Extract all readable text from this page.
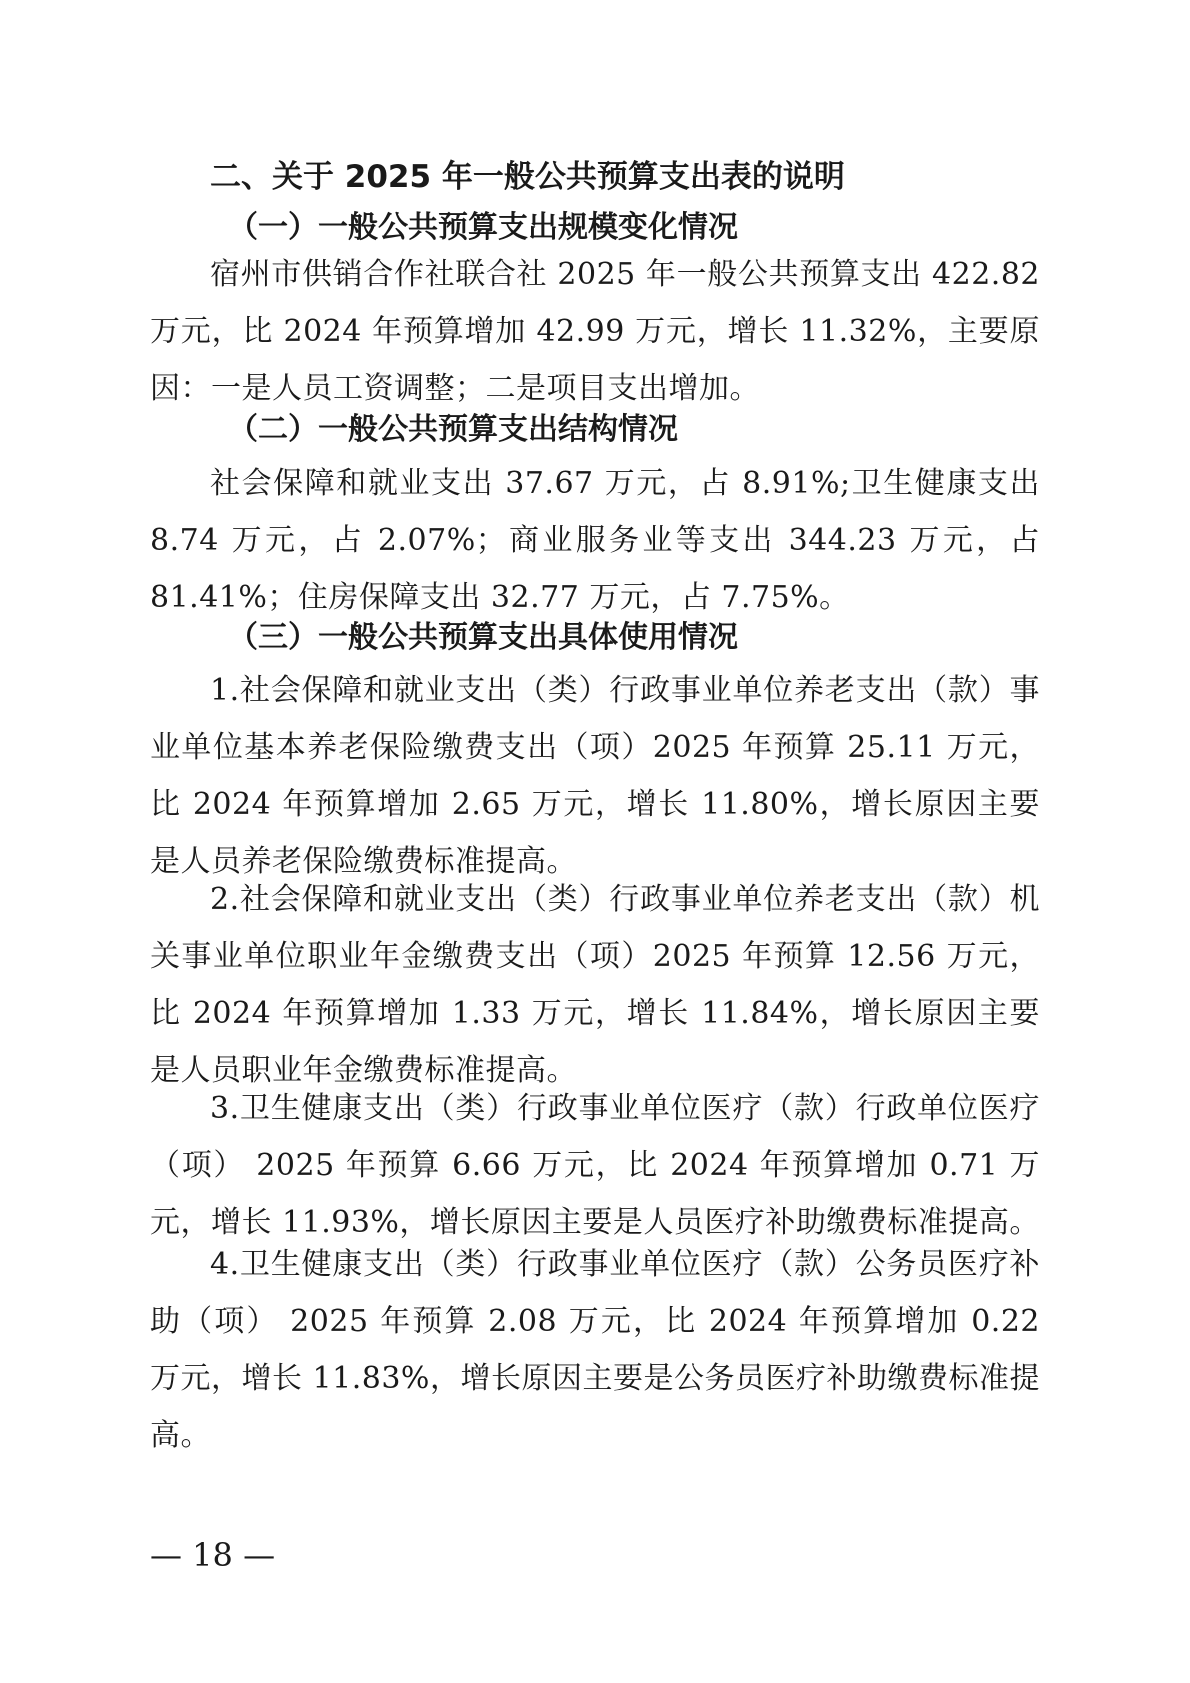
二、关于 2025 年一般公共预算支出表的说明
（一）一般公共预算支出规模变化情况

宿州市供销合作社联合社 2025 年一般公共预算支出 422.82 万元，比 2024 年预算增加 42.99 万元，增长 11.32%，主要原因：一是人员工资调整；二是项目支出增加。

（二）一般公共预算支出结构情况

社会保障和就业支出 37.67 万元，占 8.91%;卫生健康支出 8.74 万元，占 2.07%；商业服务业等支出 344.23 万元，占 81.41%；住房保障支出 32.77 万元，占 7.75%。

（三）一般公共预算支出具体使用情况

1.社会保障和就业支出（类）行政事业单位养老支出（款）事业单位基本养老保险缴费支出（项）2025 年预算 25.11 万元，比 2024 年预算增加 2.65 万元，增长 11.80%，增长原因主要是人员养老保险缴费标准提高。

2.社会保障和就业支出（类）行政事业单位养老支出（款）机关事业单位职业年金缴费支出（项）2025 年预算 12.56 万元，比 2024 年预算增加 1.33 万元，增长 11.84%，增长原因主要是人员职业年金缴费标准提高。

3.卫生健康支出（类）行政事业单位医疗（款）行政单位医疗（项） 2025 年预算 6.66 万元，比 2024 年预算增加 0.71 万元，增长 11.93%，增长原因主要是人员医疗补助缴费标准提高。

4.卫生健康支出（类）行政事业单位医疗（款）公务员医疗补助（项） 2025 年预算 2.08 万元，比 2024 年预算增加 0.22 万元，增长 11.83%，增长原因主要是公务员医疗补助缴费标准提高。

— 18 —
